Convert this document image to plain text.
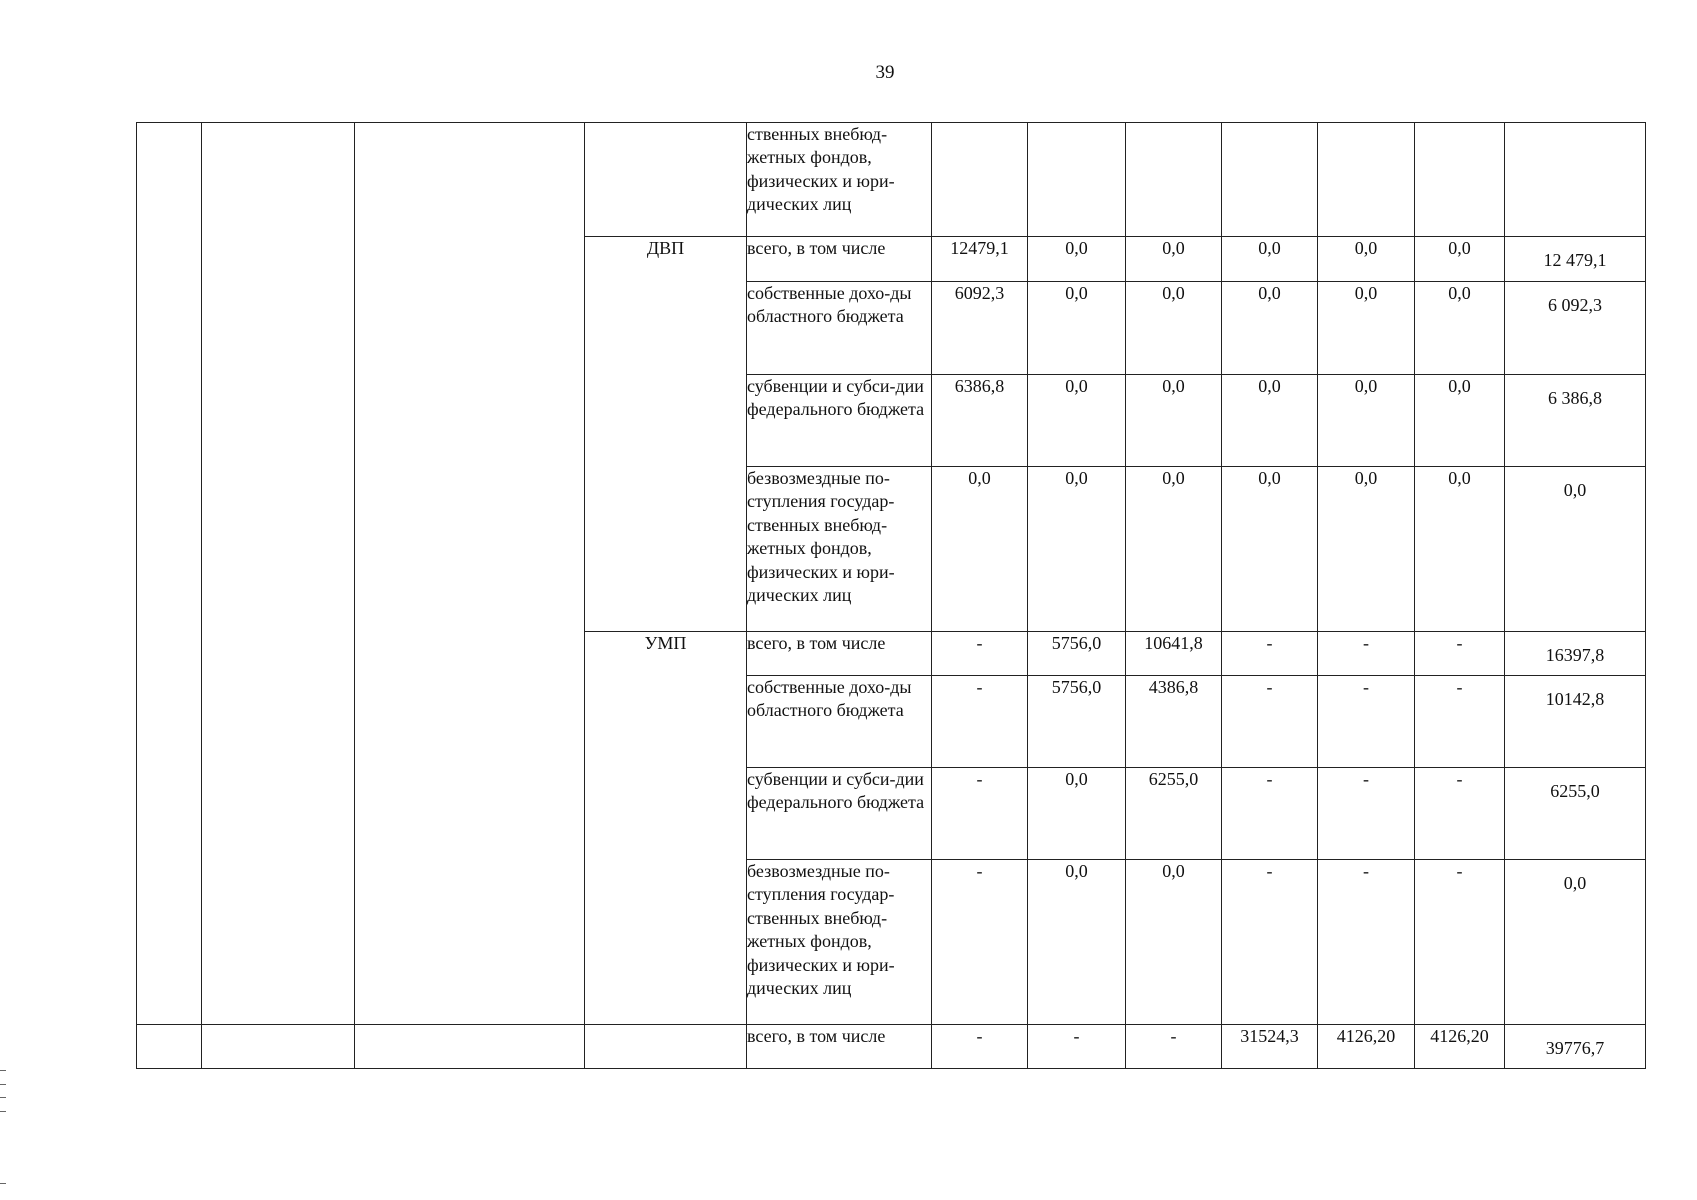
39
				ственных внебюд-жетных фондов, физических и юри-дических лиц							
			ДВП	всего, в том числе	12479,1	0,0	0,0	0,0	0,0	0,0	12 479,1
				собственные дохо-ды областного бюджета	6092,3	0,0	0,0	0,0	0,0	0,0	6 092,3
				субвенции и субси-дии федерального бюджета	6386,8	0,0	0,0	0,0	0,0	0,0	6 386,8
				безвозмездные по-ступления государ-ственных внебюд-жетных фондов, физических и юри-дических лиц	0,0	0,0	0,0	0,0	0,0	0,0	0,0
			УМП	всего, в том числе	-	5756,0	10641,8	-	-	-	16397,8
				собственные дохо-ды областного бюджета	-	5756,0	4386,8	-	-	-	10142,8
				субвенции и субси-дии федерального бюджета	-	0,0	6255,0	-	-	-	6255,0
				безвозмездные по-ступления государ-ственных внебюд-жетных фондов, физических и юри-дических лиц	-	0,0	0,0	-	-	-	0,0
				всего, в том числе	-	-	-	31524,3	4126,20	4126,20	39776,7
